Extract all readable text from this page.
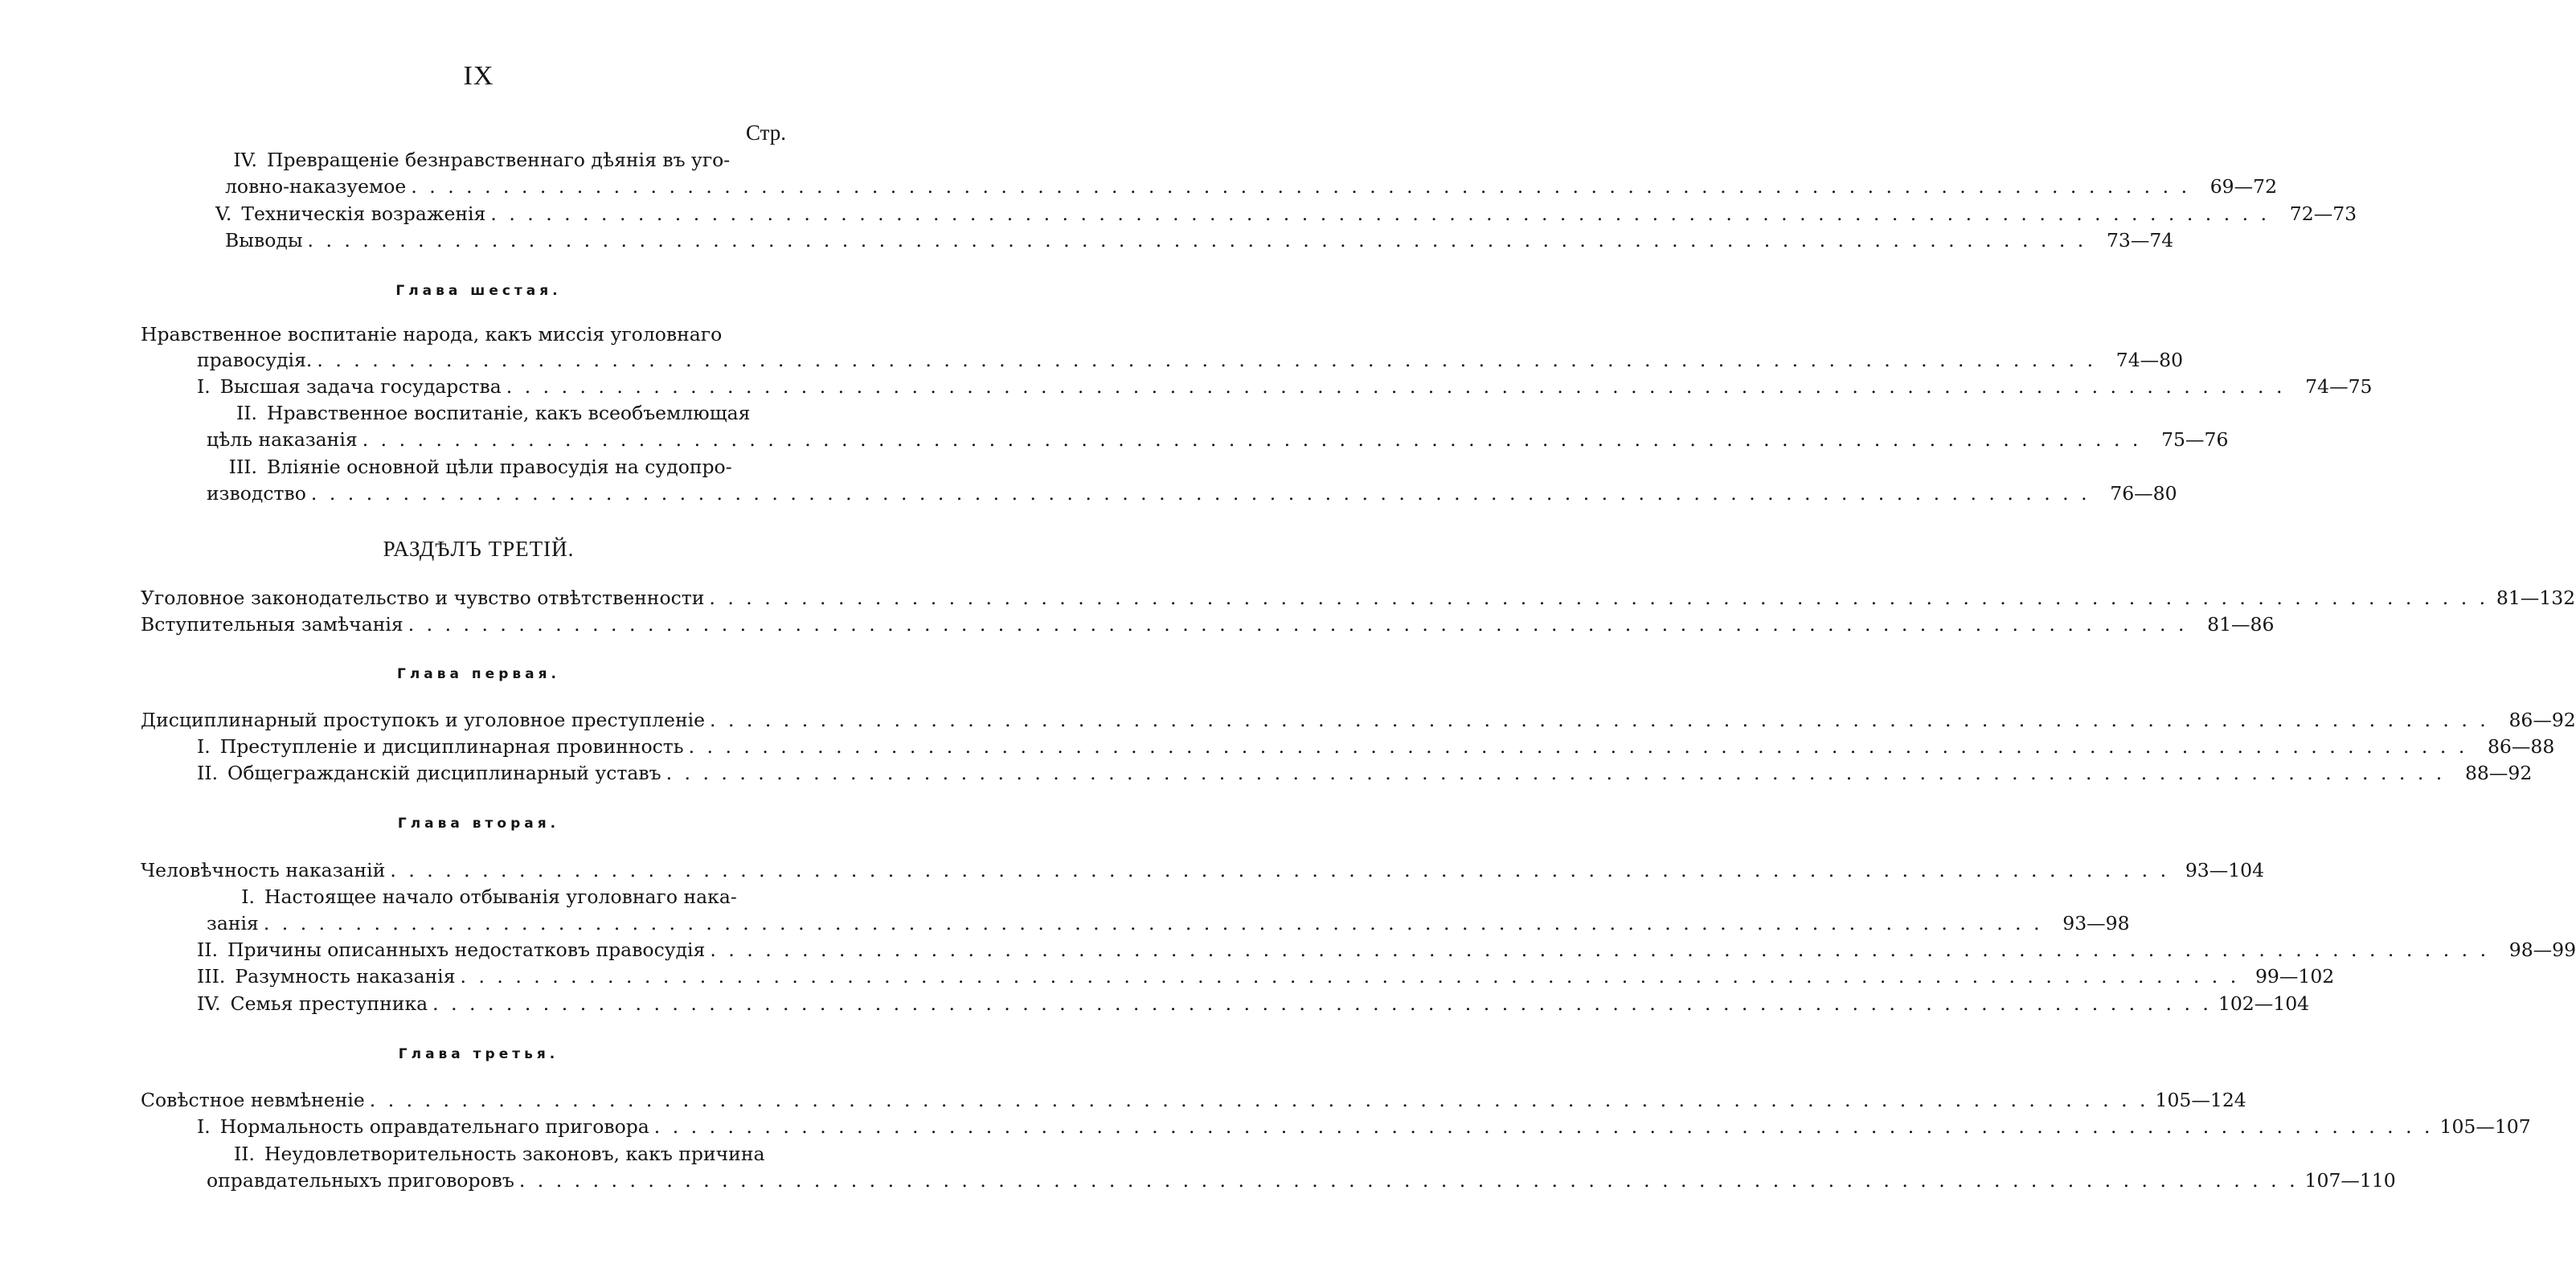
IX
Стр.
IV. Превращеніе безнравственнаго дѣянія въ уго-
ловно-наказуемое . . .	69—72
V. Техническія возраженія . . .	72—73
Выводы . . .	73—74
Глава шестая.
Нравственное воспитаніе народа, какъ миссія уголовнаго
правосудія. . . .	74—80
I. Высшая задача государства . . .	74—75
II. Нравственное воспитаніе, какъ всеобъемлющая
цѣль наказанія . . .	75—76
III. Вліяніе основной цѣли правосудія на судопро-
изводство . . .	76—80
РАЗДѢЛЪ ТРЕТІЙ.
Уголовное законодательство и чувство отвѣтственности . . .	81—132
Вступительныя замѣчанія . . .	81—86
Глава первая.
Дисциплинарный проступокъ и уголовное преступленіе . . .	86—92
I. Преступленіе и дисциплинарная провинность . . .	86—88
II. Общегражданскій дисциплинарный уставъ . . .	88—92
Глава вторая.
Человѣчность наказаній . . .	93—104
I. Настоящее начало отбыванія уголовнаго нака-
занія . . .	93—98
II. Причины описанныхъ недостатковъ правосудія . . .	98—99
III. Разумность наказанія . . .	99—102
IV. Семья преступника . . .	102—104
Глава третья.
Совѣстное невмѣненіе . . .	105—124
I. Нормальность оправдательнаго приговора . . .	105—107
II. Неудовлетворительность законовъ, какъ причина
оправдательныхъ приговоровъ . . .	107—110
